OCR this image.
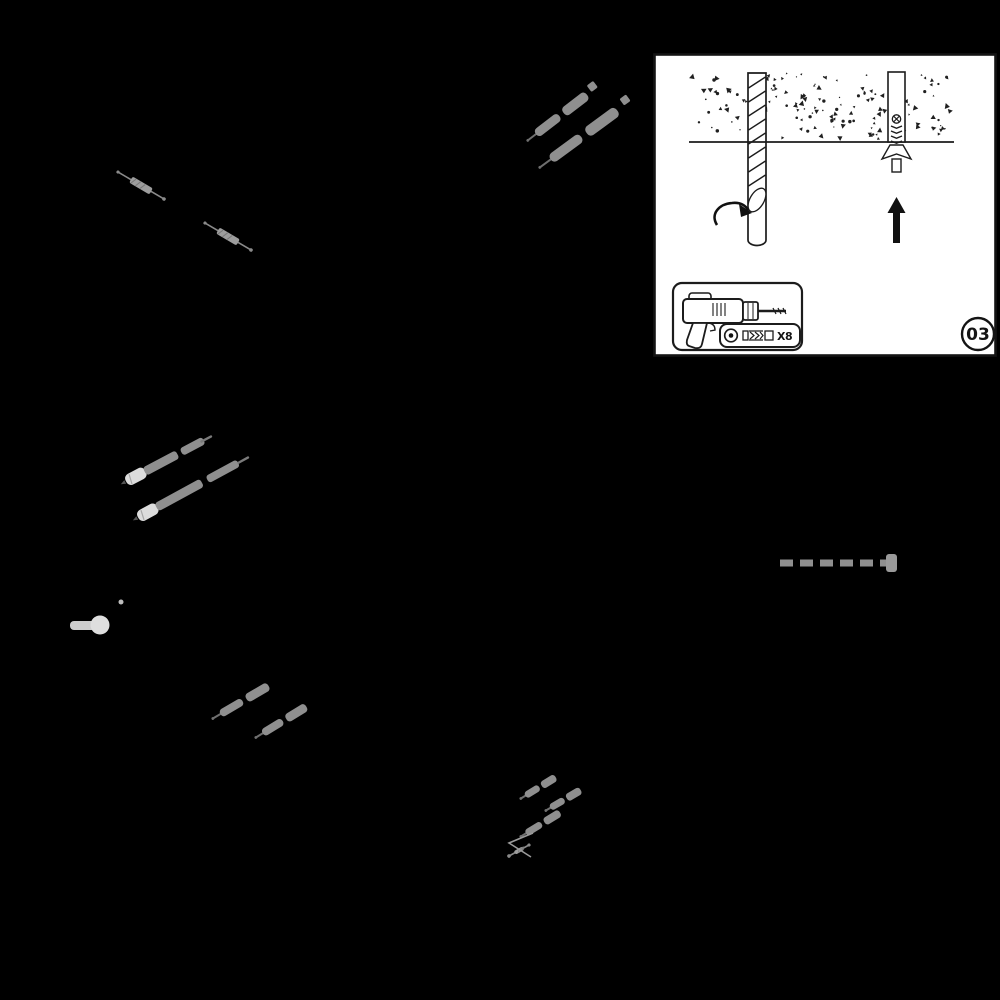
X8	03
